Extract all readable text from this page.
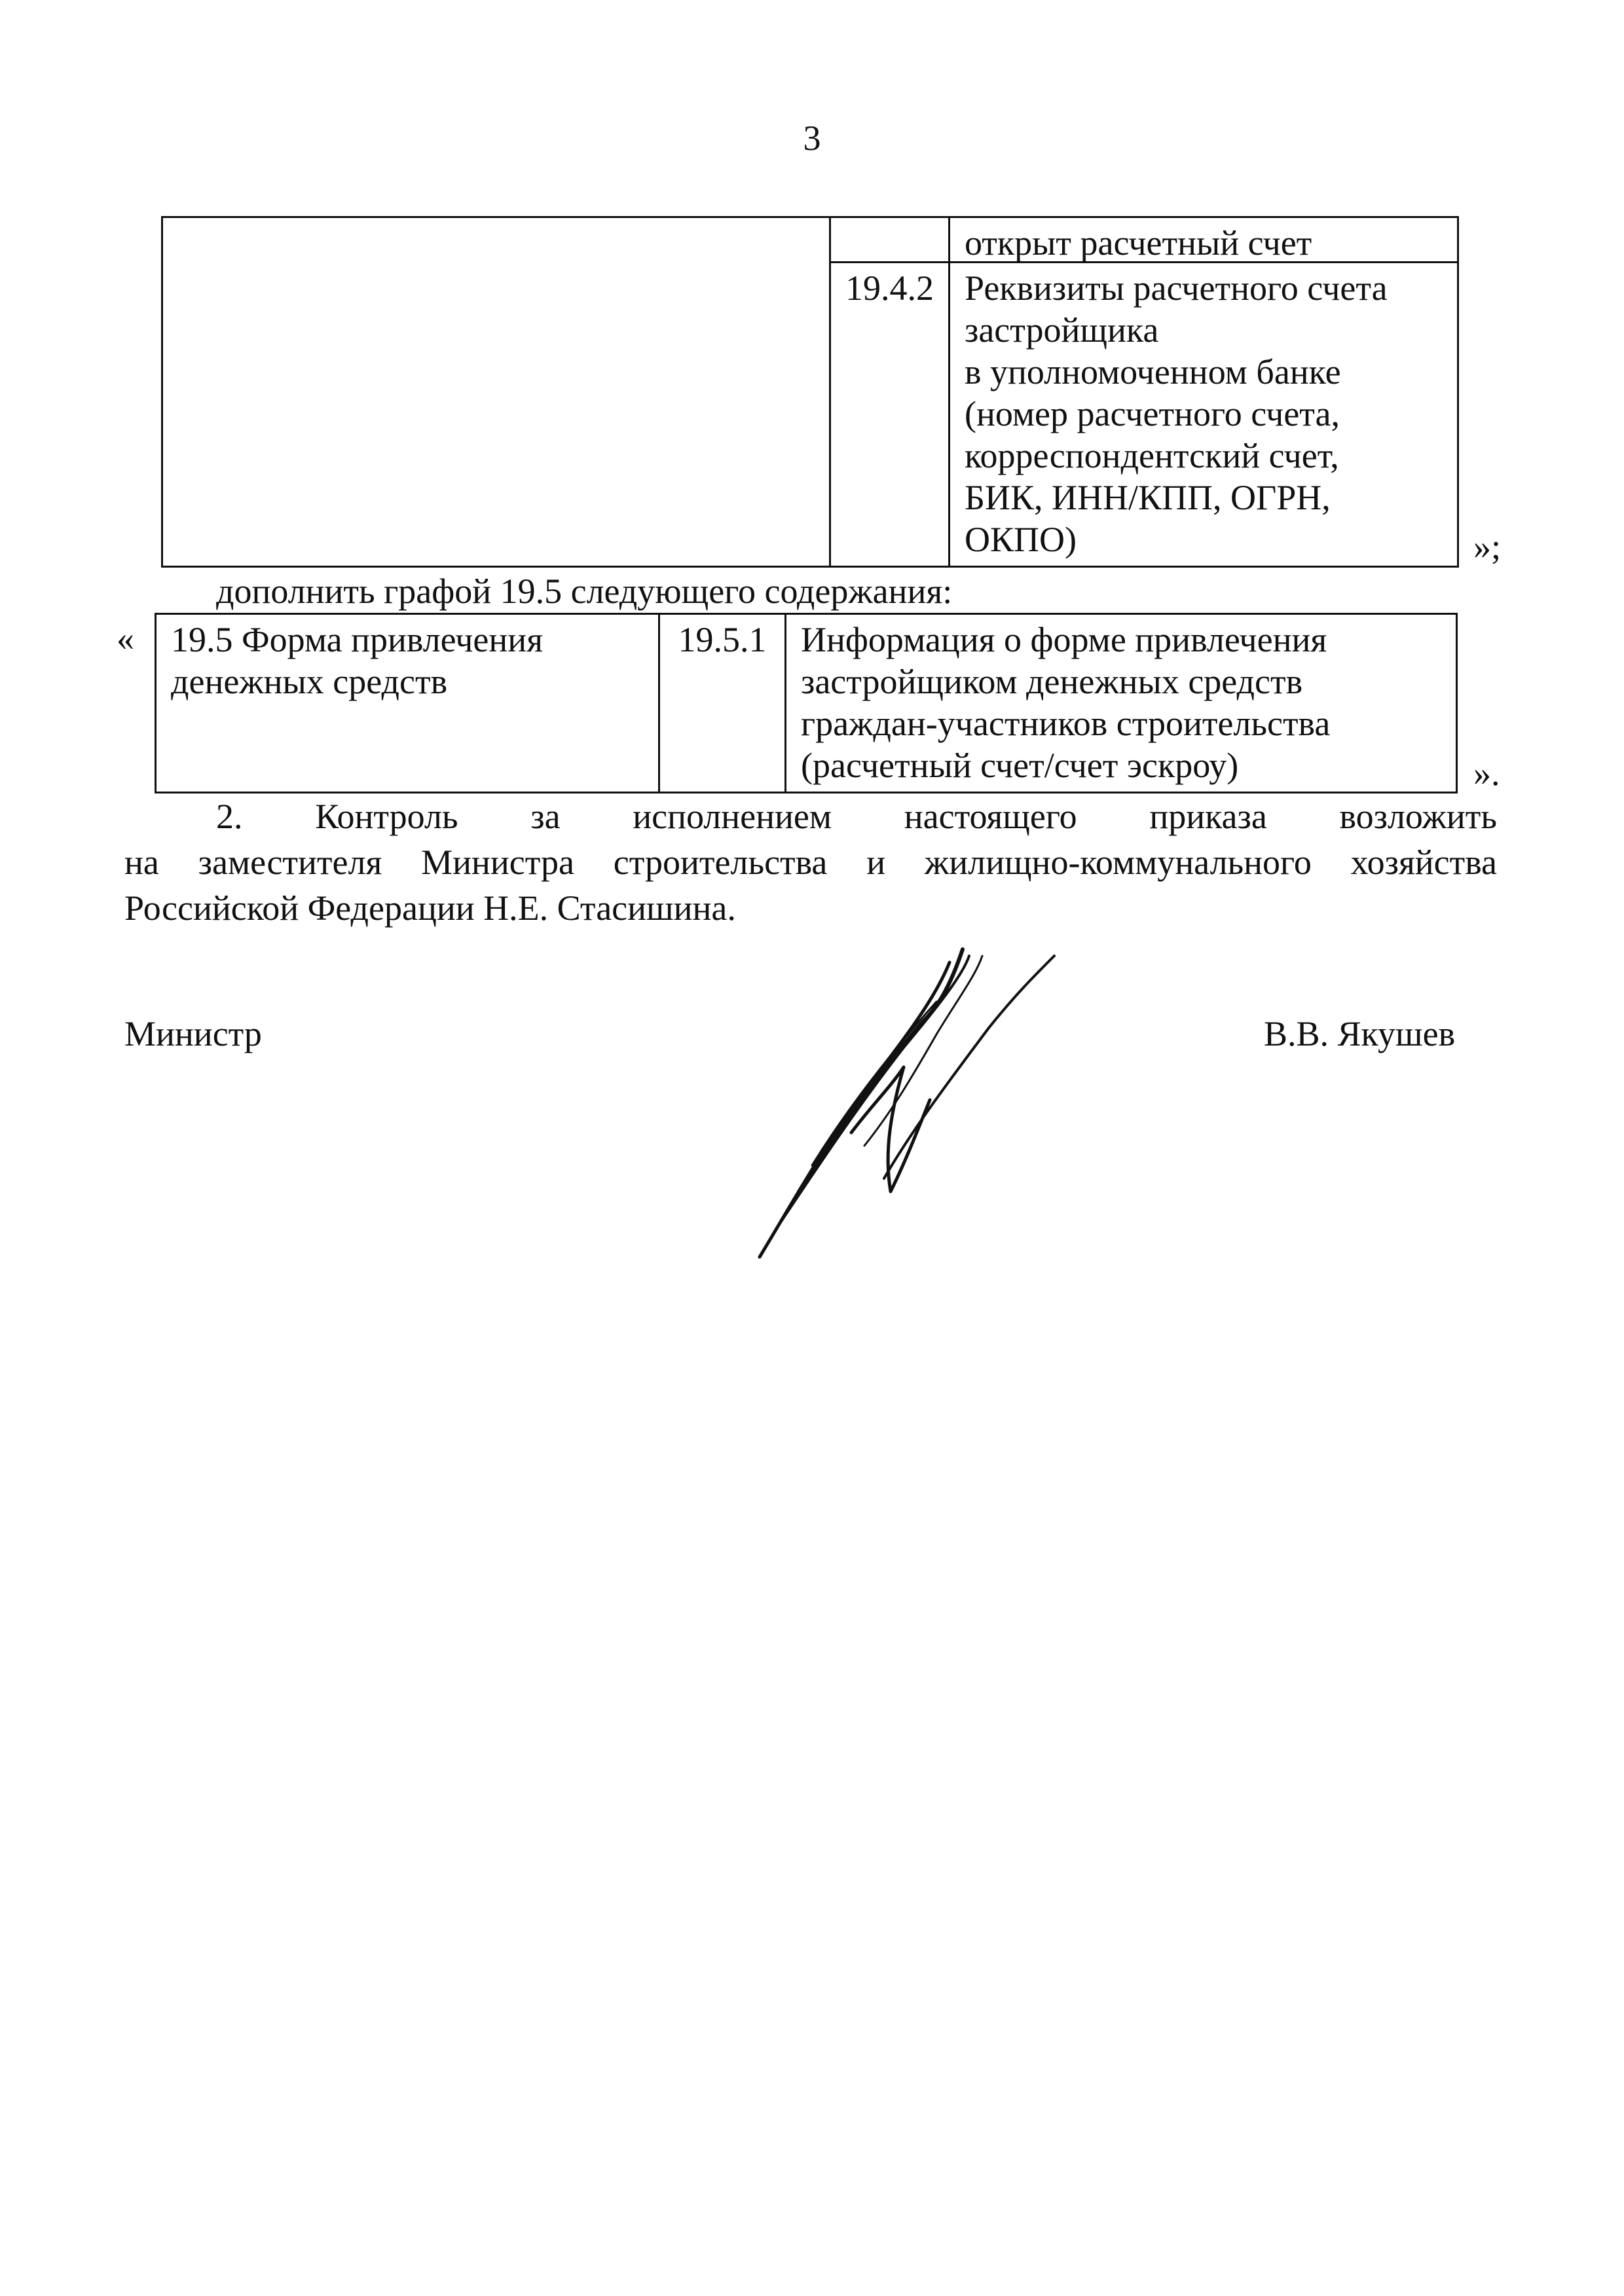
3
открыт расчетный счет
19.4.2 Реквизиты расчетного счета
застройщика
в уполномоченном банке
(номер расчетного счета,
корреспондентский счет,
БИК, ИНН/КПП, ОГРН,
ОКПО)	»;
дополнить графой 19.5 следующего содержания:
«	19.5 Форма привлечения
денежных средств
19.5.1 Информация о форме привлечения
застройщиком денежных средств
граждан-участников строительства
(расчетный счет/счет эскроу)	».
2. Контроль за исполнением настоящего приказа возложить
на заместителя Министра строительства и жилищно-коммунального хозяйства Российской Федерации Н.Е. Стасишина.
Министр	В.В. Якушев
